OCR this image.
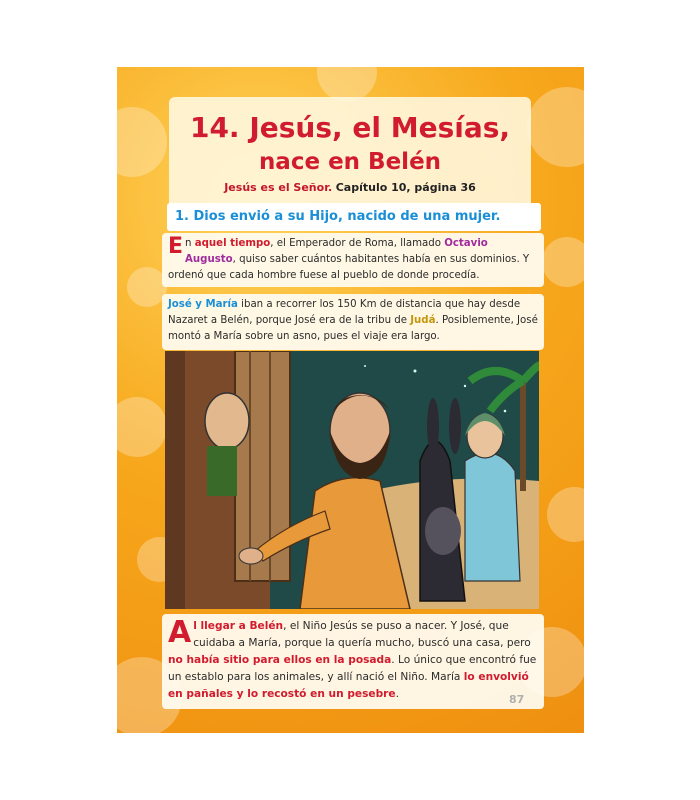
14. Jesús, el Mesías,
nace en Belén
Jesús es el Señor. Capítulo 10, página 36
1. Dios envió a su Hijo, nacido de una mujer.
En aquel tiempo, el Emperador de Roma, llamado Octavio Augusto, quiso saber cuántos habitantes había en sus dominios. Y ordenó que cada hombre fuese al pueblo de donde procedía.
José y María iban a recorrer los 150 Km de distancia que hay desde Nazaret a Belén, porque José era de la tribu de Judá. Posiblemente, José montó a María sobre un asno, pues el viaje era largo.
Al llegar a Belén, el Niño Jesús se puso a nacer. Y José, que cuidaba a María, porque la quería mucho, buscó una casa, pero no había sitio para ellos en la posada. Lo único que encontró fue un establo para los animales, y allí nació el Niño. María lo envolvió en pañales y lo recostó en un pesebre.	87
